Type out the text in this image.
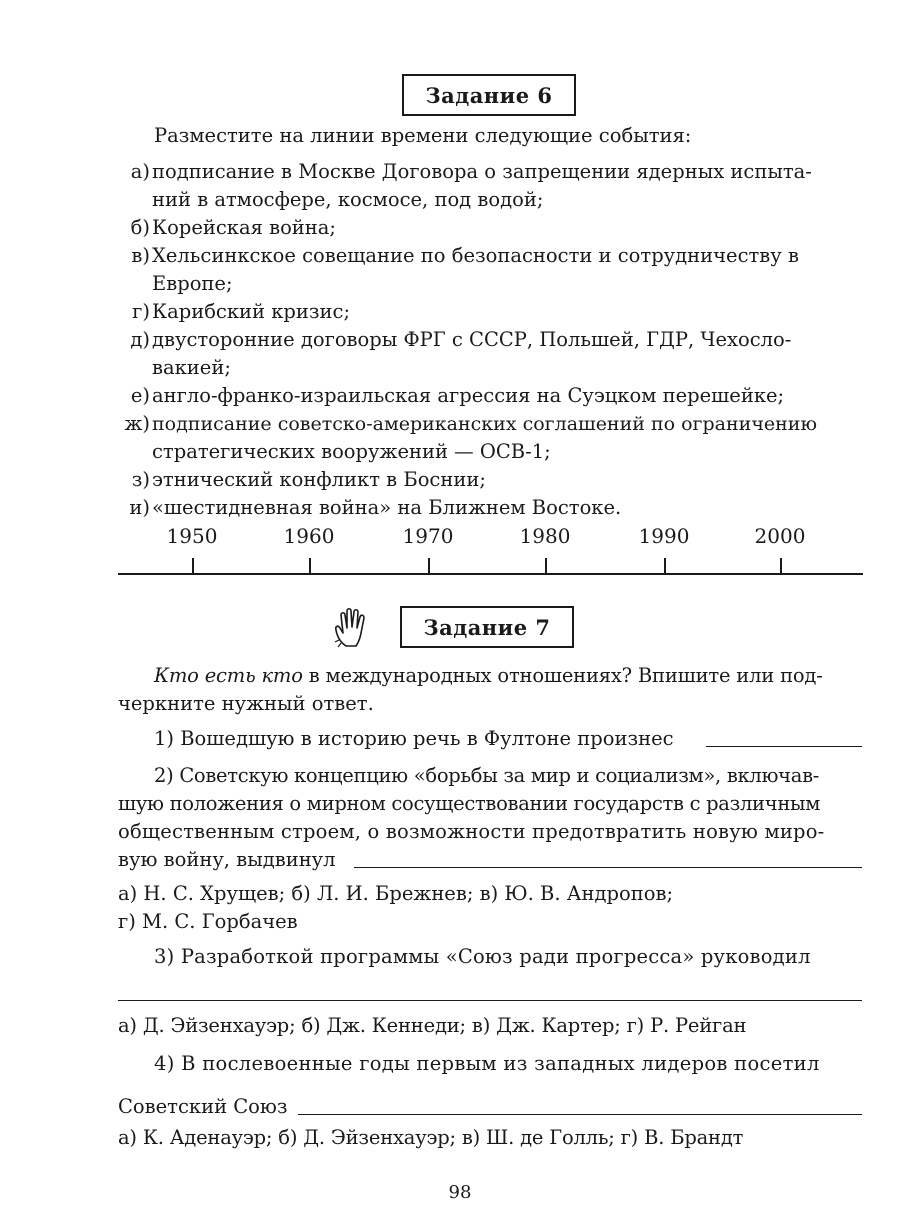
Задание 6
Разместите на линии времени следующие события:
а) подписание в Москве Договора о запрещении ядерных испыта-
ний в атмосфере, космосе, под водой;
б) Корейская война;
в) Хельсинкское совещание по безопасности и сотрудничеству в
Европе;
г) Карибский кризис;
д) двусторонние договоры ФРГ с СССР, Польшей, ГДР, Чехосло-
вакией;
е) англо-франко-израильская агрессия на Суэцком перешейке;
ж) подписание советско-американских соглашений по ограничению
стратегических вооружений — ОСВ-1;
з) этнический конфликт в Боснии;
и) «шестидневная война» на Ближнем Востоке.
1950	1960	1970	1980	1990	2000
Задание 7
Кто есть кто в международных отношениях? Впишите или под-
черкните нужный ответ.
1) Вошедшую в историю речь в Фултоне произнес
2) Советскую концепцию «борьбы за мир и социализм», включав-
шую положения о мирном сосуществовании государств с различным
общественным строем, о возможности предотвратить новую миро-
вую войну, выдвинул
а) Н. С. Хрущев; б) Л. И. Брежнев; в) Ю. В. Андропов;
г) М. С. Горбачев
3) Разработкой программы «Союз ради прогресса» руководил
а) Д. Эйзенхауэр; б) Дж. Кеннеди; в) Дж. Картер; г) Р. Рейган
4) В послевоенные годы первым из западных лидеров посетил
Советский Союз
а) К. Аденауэр; б) Д. Эйзенхауэр; в) Ш. де Голль; г) В. Брандт
98
